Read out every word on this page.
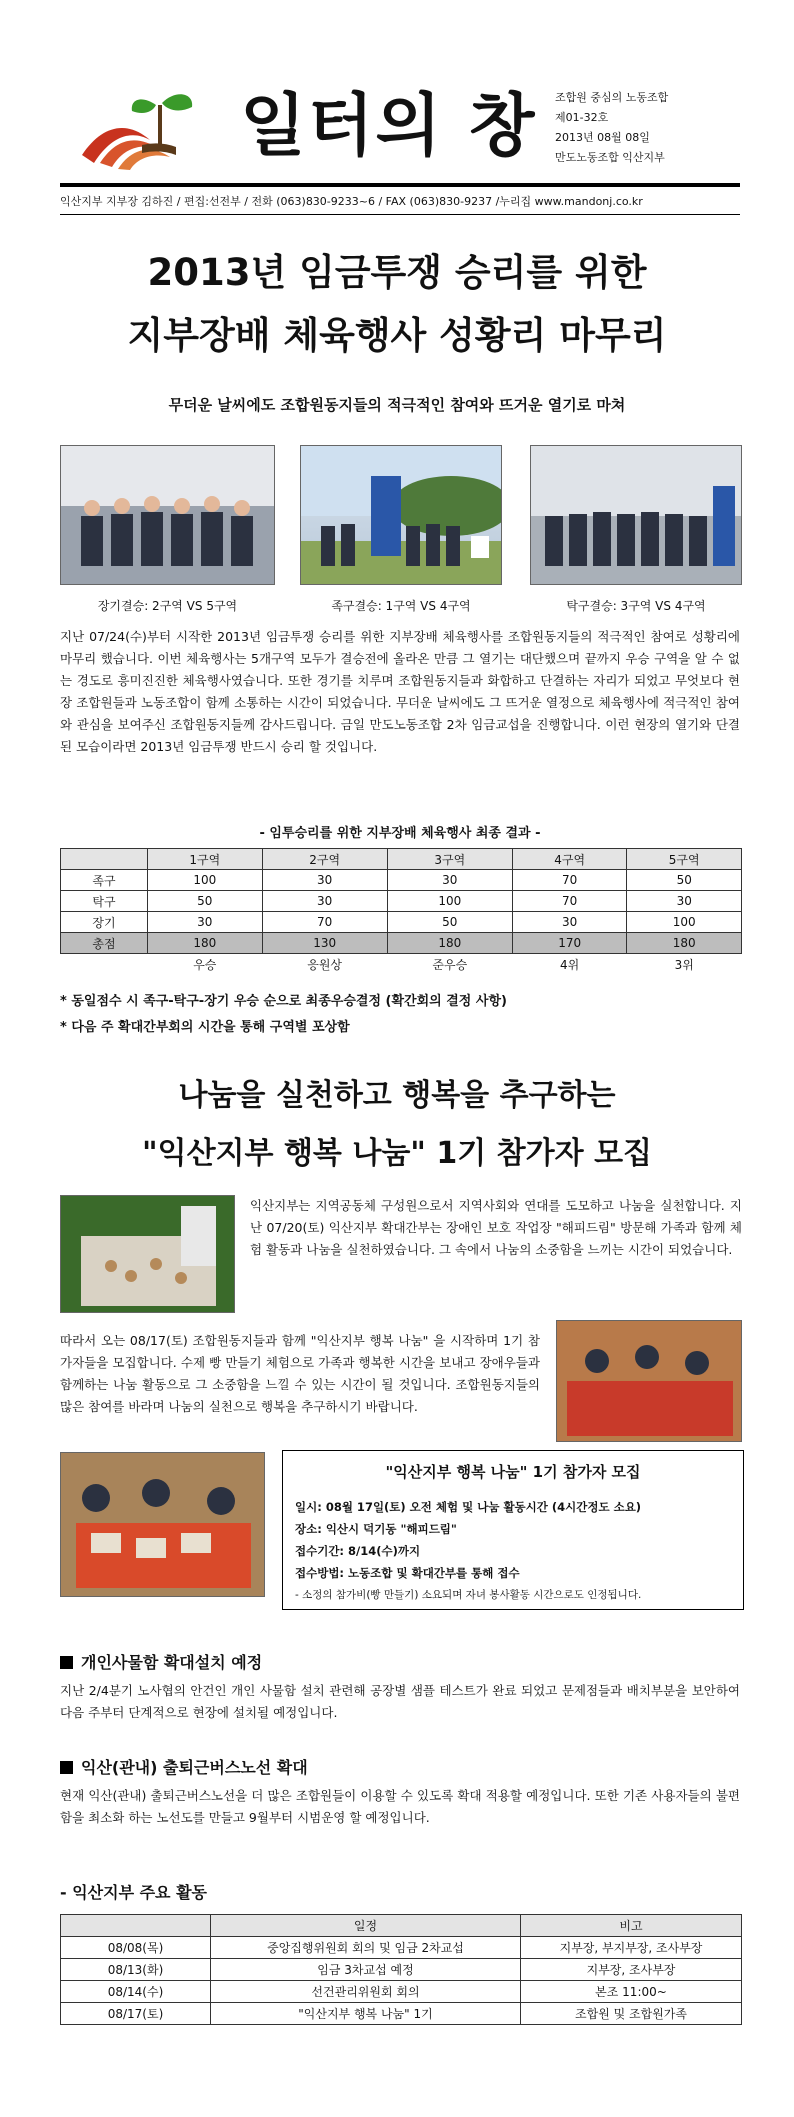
일터의 창 조합원 중심의 노동조합
제01-32호
2013년 08월 08일
만도노동조합 익산지부
익산지부 지부장 김하진 / 편집:선전부 / 전화 (063)830-9233~6 / FAX (063)830-9237 /누리집 www.mandonj.co.kr
2013년 임금투쟁 승리를 위한
지부장배 체육행사 성황리 마무리
무더운 날씨에도 조합원동지들의 적극적인 참여와 뜨거운 열기로 마쳐
장기결승: 2구역 VS 5구역	족구결승: 1구역 VS 4구역	탁구결승: 3구역 VS 4구역
지난 07/24(수)부터 시작한 2013년 임금투쟁 승리를 위한 지부장배 체육행사를 조합원동지들의 적극적인 참여로 성황리에 마무리 했습니다. 이번 체육행사는 5개구역 모두가 결승전에 올라온 만큼 그 열기는 대단했으며 끝까지 우승 구역을 알 수 없는 경도로 흥미진진한 체육행사였습니다. 또한 경기를 치루며 조합원동지들과 화합하고 단결하는 자리가 되었고 무엇보다 현장 조합원들과 노동조합이 함께 소통하는 시간이 되었습니다. 무더운 날씨에도 그 뜨거운 열정으로 체육행사에 적극적인 참여와 관심을 보여주신 조합원동지들께 감사드립니다. 금일 만도노동조합 2차 임금교섭을 진행합니다. 이런 현장의 열기와 단결된 모습이라면 2013년 임금투쟁 반드시 승리 할 것입니다.
- 임투승리를 위한 지부장배 체육행사 최종 결과 -
	1구역	2구역	3구역	4구역	5구역
족구	100	30	30	70	50
탁구	50	30	100	70	30
장기	30	70	50	30	100
총점	180	130	180	170	180
	우승	응원상	준우승	4위	3위
* 동일점수 시 족구-탁구-장기 우승 순으로 최종우승결정 (확간회의 결정 사항)
* 다음 주 확대간부회의 시간을 통해 구역별 포상함
나눔을 실천하고 행복을 추구하는
"익산지부 행복 나눔" 1기 참가자 모집
익산지부는 지역공동체 구성원으로서 지역사회와 연대를 도모하고 나눔을 실천합니다. 지난 07/20(토) 익산지부 확대간부는 장애인 보호 작업장 "해피드림" 방문해 가족과 함께 체험 활동과 나눔을 실천하였습니다. 그 속에서 나눔의 소중함을 느끼는 시간이 되었습니다.
따라서 오는 08/17(토) 조합원동지들과 함께 "익산지부 행복 나눔" 을 시작하며 1기 참가자들을 모집합니다. 수제 빵 만들기 체험으로 가족과 행복한 시간을 보내고 장애우들과 함께하는 나눔 활동으로 그 소중함을 느낄 수 있는 시간이 될 것입니다. 조합원동지들의 많은 참여를 바라며 나눔의 실천으로 행복을 추구하시기 바랍니다.
"익산지부 행복 나눔" 1기 참가자 모집
일시: 08월 17일(토) 오전 체험 및 나눔 활동시간 (4시간정도 소요)
장소: 익산시 덕기동 "해피드림"
접수기간: 8/14(수)까지
접수방법: 노동조합 및 확대간부를 통해 접수
- 소정의 참가비(빵 만들기) 소요되며 자녀 봉사활동 시간으로도 인정됩니다.
개인사물함 확대설치 예정
지난 2/4분기 노사협의 안건인 개인 사물함 설치 관련해 공장별 샘플 테스트가 완료 되었고 문제점들과 배치부분을 보안하여 다음 주부터 단계적으로 현장에 설치될 예정입니다.
익산(관내) 출퇴근버스노선 확대
현재 익산(관내) 출퇴근버스노선을 더 많은 조합원들이 이용할 수 있도록 확대 적용할 예정입니다. 또한 기존 사용자들의 불편함을 최소화 하는 노선도를 만들고 9월부터 시범운영 할 예정입니다.
- 익산지부 주요 활동
	일정	비고
08/08(목)	중앙집행위원회 회의 및 임금 2차교섭	지부장, 부지부장, 조사부장
08/13(화)	임금 3차교섭 예정	지부장, 조사부장
08/14(수)	선건관리위원회 회의	본조 11:00~
08/17(토)	"익산지부 행복 나눔" 1기	조합원 및 조합원가족
